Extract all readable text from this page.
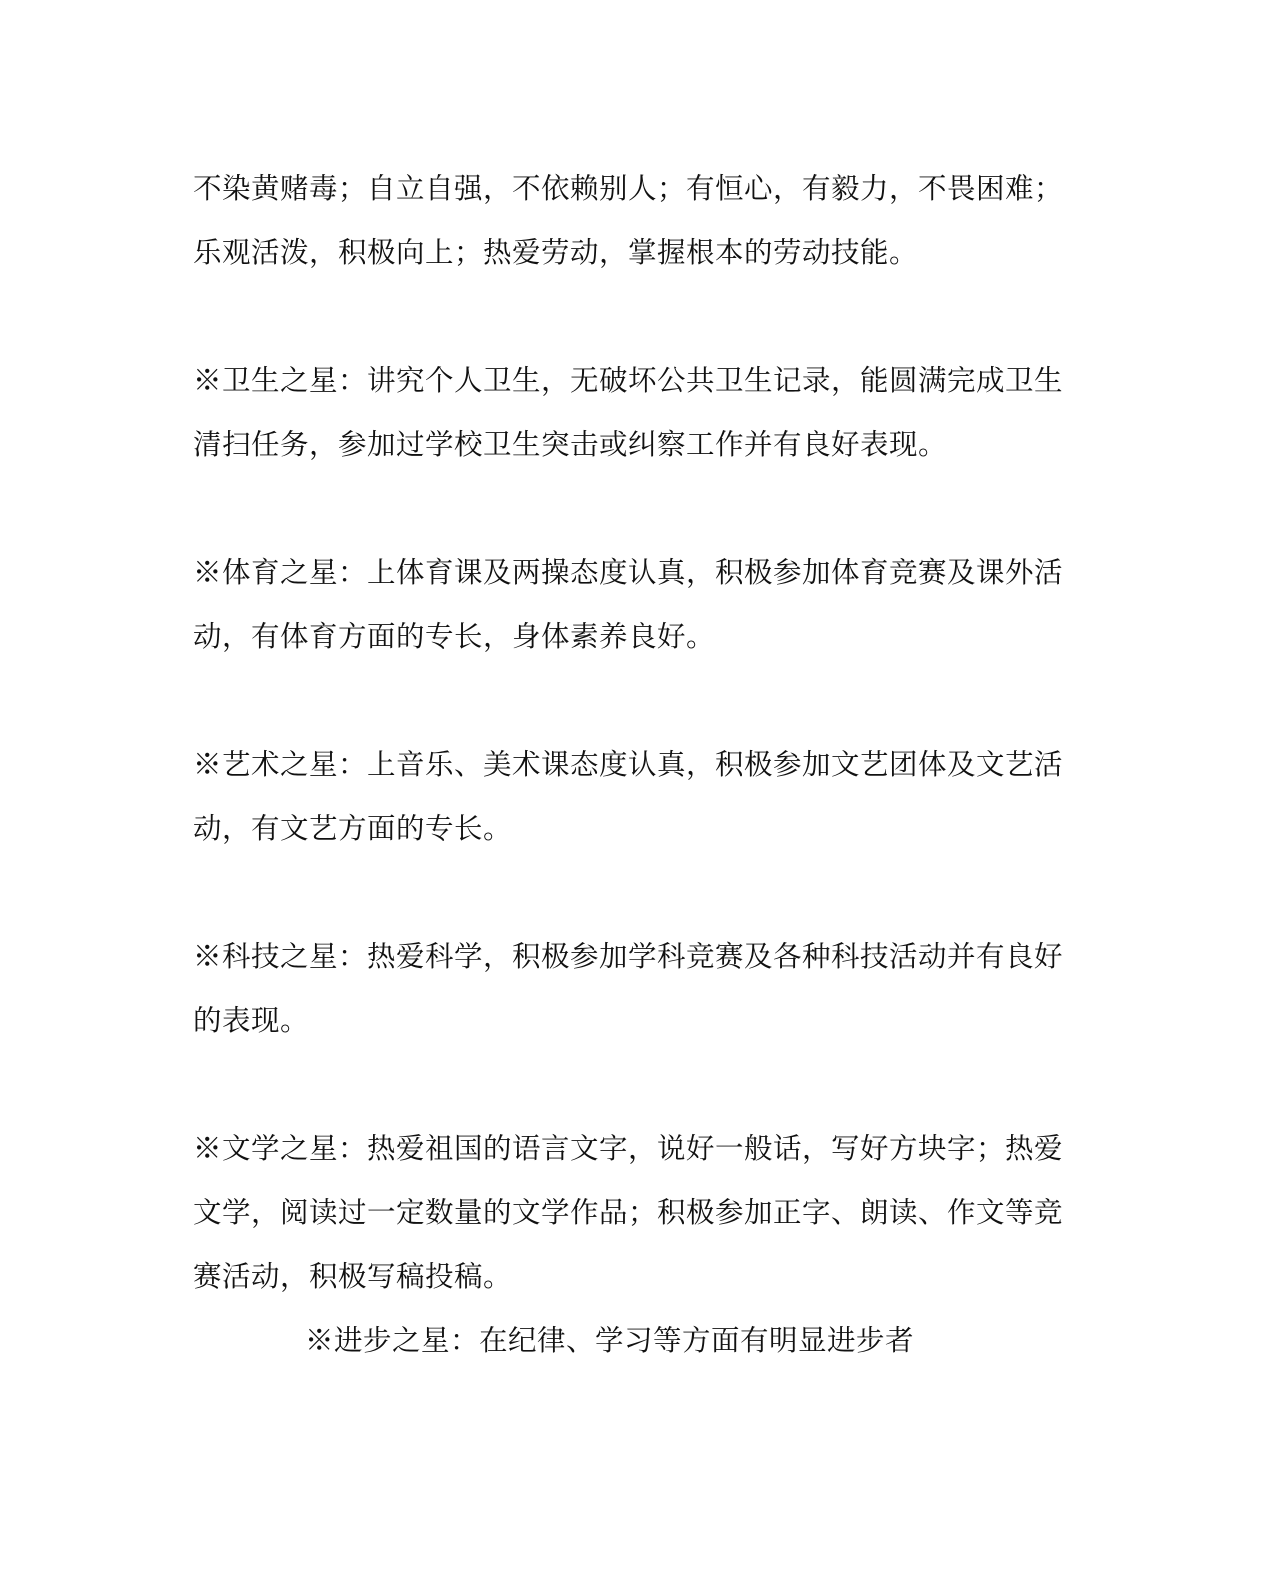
不染黄赌毒；自立自强，不依赖别人；有恒心，有毅力，不畏困难；
乐观活泼，积极向上；热爱劳动，掌握根本的劳动技能。
※卫生之星：讲究个人卫生，无破坏公共卫生记录，能圆满完成卫生
清扫任务，参加过学校卫生突击或纠察工作并有良好表现。
※体育之星：上体育课及两操态度认真，积极参加体育竞赛及课外活
动，有体育方面的专长，身体素养良好。
※艺术之星：上音乐、美术课态度认真，积极参加文艺团体及文艺活
动，有文艺方面的专长。
※科技之星：热爱科学，积极参加学科竞赛及各种科技活动并有良好
的表现。
※文学之星：热爱祖国的语言文字，说好一般话，写好方块字；热爱
文学，阅读过一定数量的文学作品；积极参加正字、朗读、作文等竞
赛活动，积极写稿投稿。
※进步之星：在纪律、学习等方面有明显进步者
